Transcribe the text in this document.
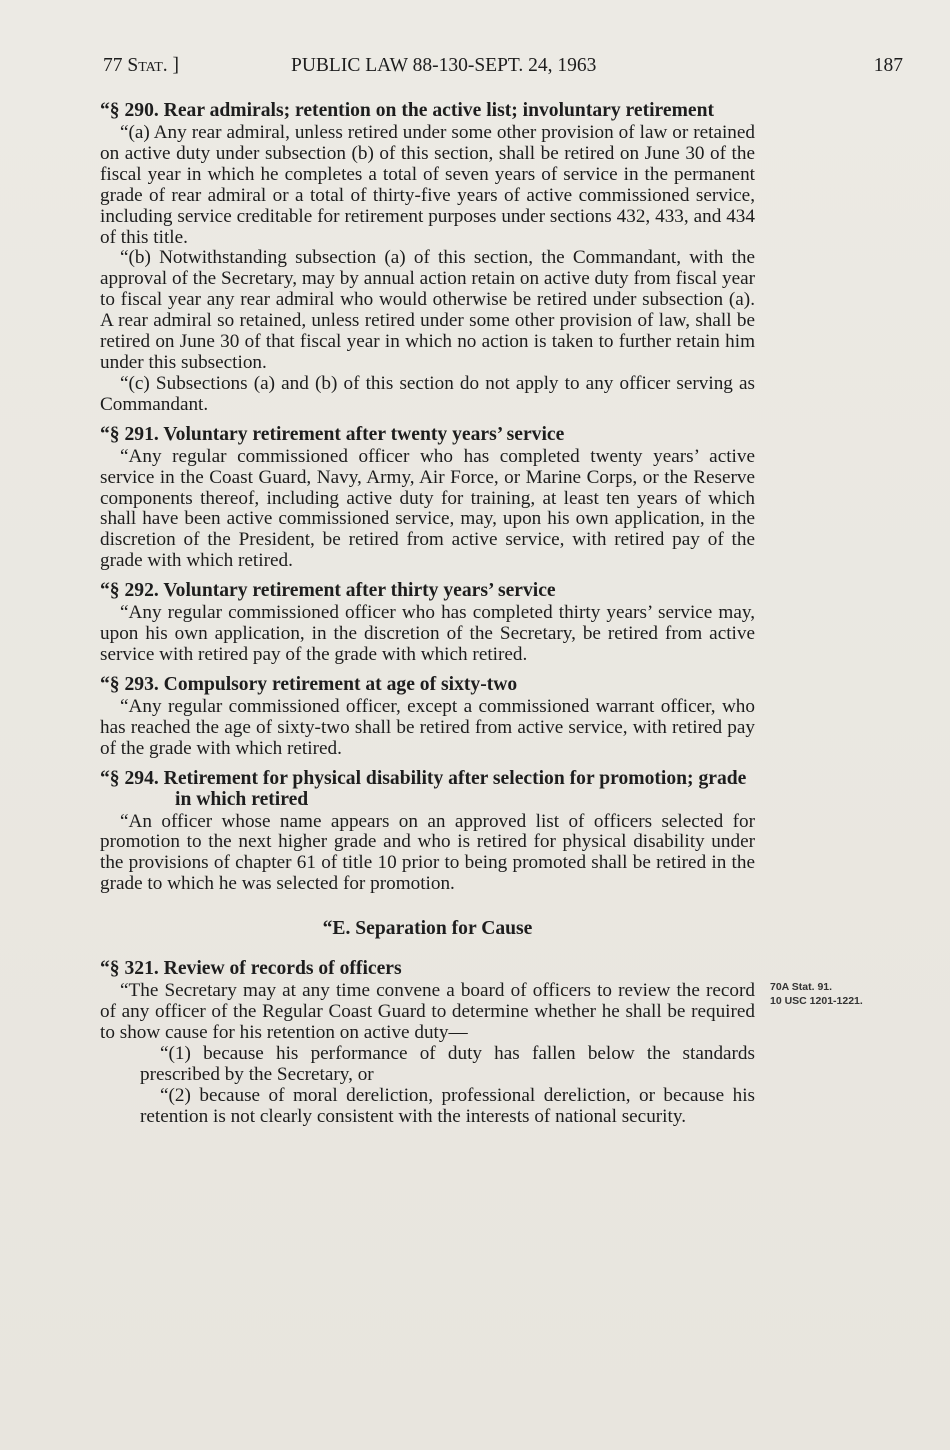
77 Stat. ]	PUBLIC LAW 88-130-SEPT. 24, 1963	187

“§ 290. Rear admirals; retention on the active list; involuntary retirement

“(a) Any rear admiral, unless retired under some other provision of law or retained on active duty under subsection (b) of this section, shall be retired on June 30 of the fiscal year in which he completes a total of seven years of service in the permanent grade of rear admiral or a total of thirty-five years of active commissioned service, including service creditable for retirement purposes under sections 432, 433, and 434 of this title.

“(b) Notwithstanding subsection (a) of this section, the Commandant, with the approval of the Secretary, may by annual action retain on active duty from fiscal year to fiscal year any rear admiral who would otherwise be retired under subsection (a). A rear admiral so retained, unless retired under some other provision of law, shall be retired on June 30 of that fiscal year in which no action is taken to further retain him under this subsection.

“(c) Subsections (a) and (b) of this section do not apply to any officer serving as Commandant.

“§ 291. Voluntary retirement after twenty years’ service

“Any regular commissioned officer who has completed twenty years’ active service in the Coast Guard, Navy, Army, Air Force, or Marine Corps, or the Reserve components thereof, including active duty for training, at least ten years of which shall have been active commissioned service, may, upon his own application, in the discretion of the President, be retired from active service, with retired pay of the grade with which retired.

“§ 292. Voluntary retirement after thirty years’ service

“Any regular commissioned officer who has completed thirty years’ service may, upon his own application, in the discretion of the Secretary, be retired from active service with retired pay of the grade with which retired.

“§ 293. Compulsory retirement at age of sixty-two

“Any regular commissioned officer, except a commissioned warrant officer, who has reached the age of sixty-two shall be retired from active service, with retired pay of the grade with which retired.

“§ 294. Retirement for physical disability after selection for promotion; grade in which retired

“An officer whose name appears on an approved list of officers selected for promotion to the next higher grade and who is retired for physical disability under the provisions of chapter 61 of title 10 prior to being promoted shall be retired in the grade to which he was selected for promotion.

“E. Separation for Cause

“§ 321. Review of records of officers

“The Secretary may at any time convene a board of officers to review the record of any officer of the Regular Coast Guard to determine whether he shall be required to show cause for his retention on active duty—

“(1) because his performance of duty has fallen below the standards prescribed by the Secretary, or

“(2) because of moral dereliction, professional dereliction, or because his retention is not clearly consistent with the interests of national security.

70A Stat. 91.
10 USC 1201-1221.
